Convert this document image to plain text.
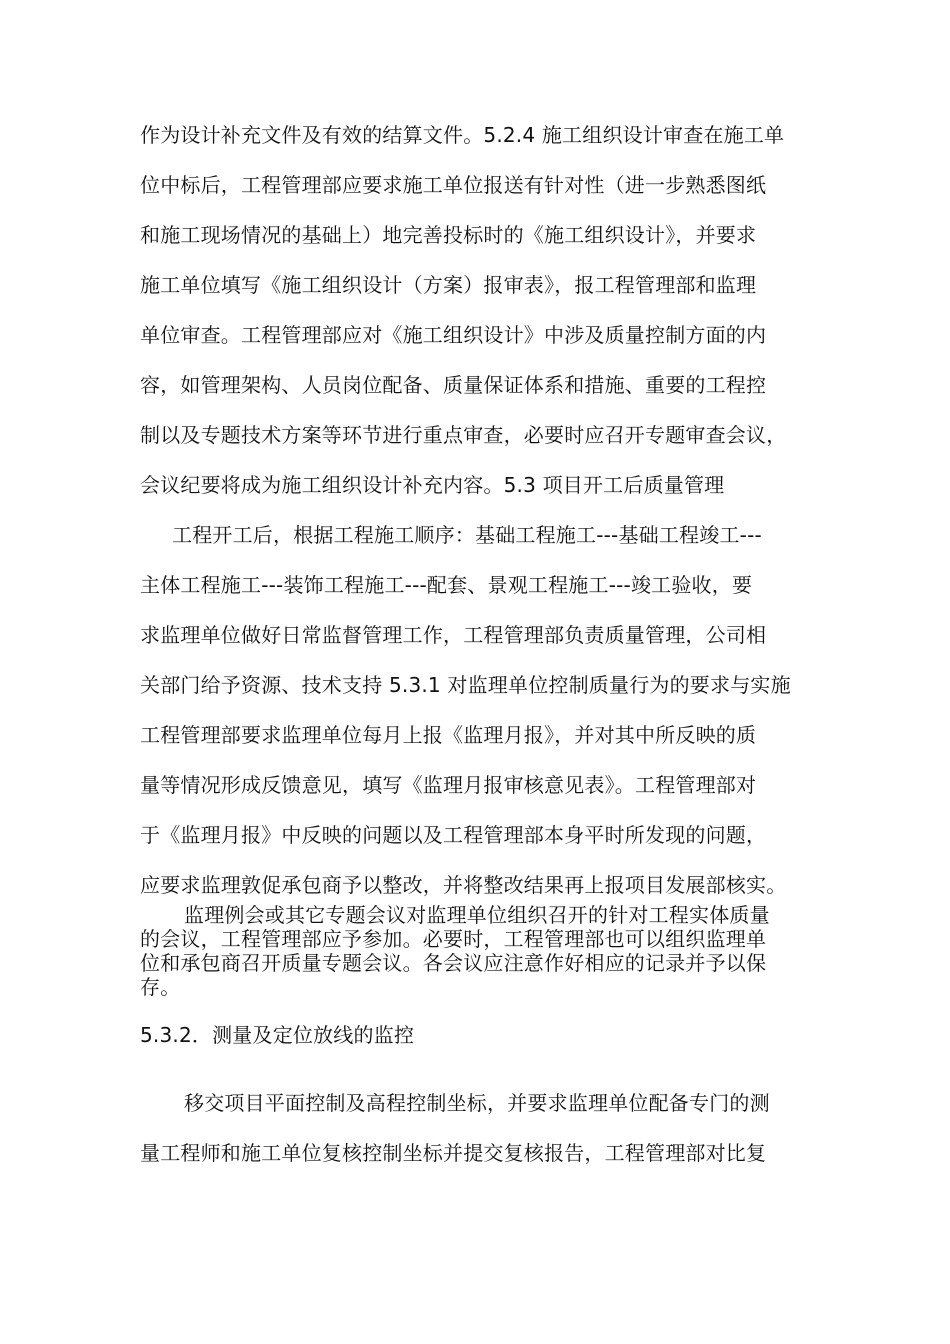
作为设计补充文件及有效的结算文件。5.2.4 施工组织设计审查在施工单
位中标后，工程管理部应要求施工单位报送有针对性（进一步熟悉图纸
和施工现场情况的基础上）地完善投标时的《施工组织设计》，并要求
施工单位填写《施工组织设计（方案）报审表》，报工程管理部和监理
单位审查。工程管理部应对《施工组织设计》中涉及质量控制方面的内
容，如管理架构、人员岗位配备、质量保证体系和措施、重要的工程控
制以及专题技术方案等环节进行重点审查，必要时应召开专题审查会议，
会议纪要将成为施工组织设计补充内容。5.3 项目开工后质量管理
工程开工后，根据工程施工顺序：基础工程施工---基础工程竣工---
主体工程施工---装饰工程施工---配套、景观工程施工---竣工验收，要
求监理单位做好日常监督管理工作，工程管理部负责质量管理，公司相
关部门给予资源、技术支持 5.3.1 对监理单位控制质量行为的要求与实施
工程管理部要求监理单位每月上报《监理月报》，并对其中所反映的质
量等情况形成反馈意见，填写《监理月报审核意见表》。工程管理部对
于《监理月报》中反映的问题以及工程管理部本身平时所发现的问题，
应要求监理敦促承包商予以整改，并将整改结果再上报项目发展部核实。
监理例会或其它专题会议对监理单位组织召开的针对工程实体质量
的会议，工程管理部应予参加。必要时，工程管理部也可以组织监理单
位和承包商召开质量专题会议。各会议应注意作好相应的记录并予以保
存。
5.3.2．测量及定位放线的监控
移交项目平面控制及高程控制坐标，并要求监理单位配备专门的测
量工程师和施工单位复核控制坐标并提交复核报告，工程管理部对比复
